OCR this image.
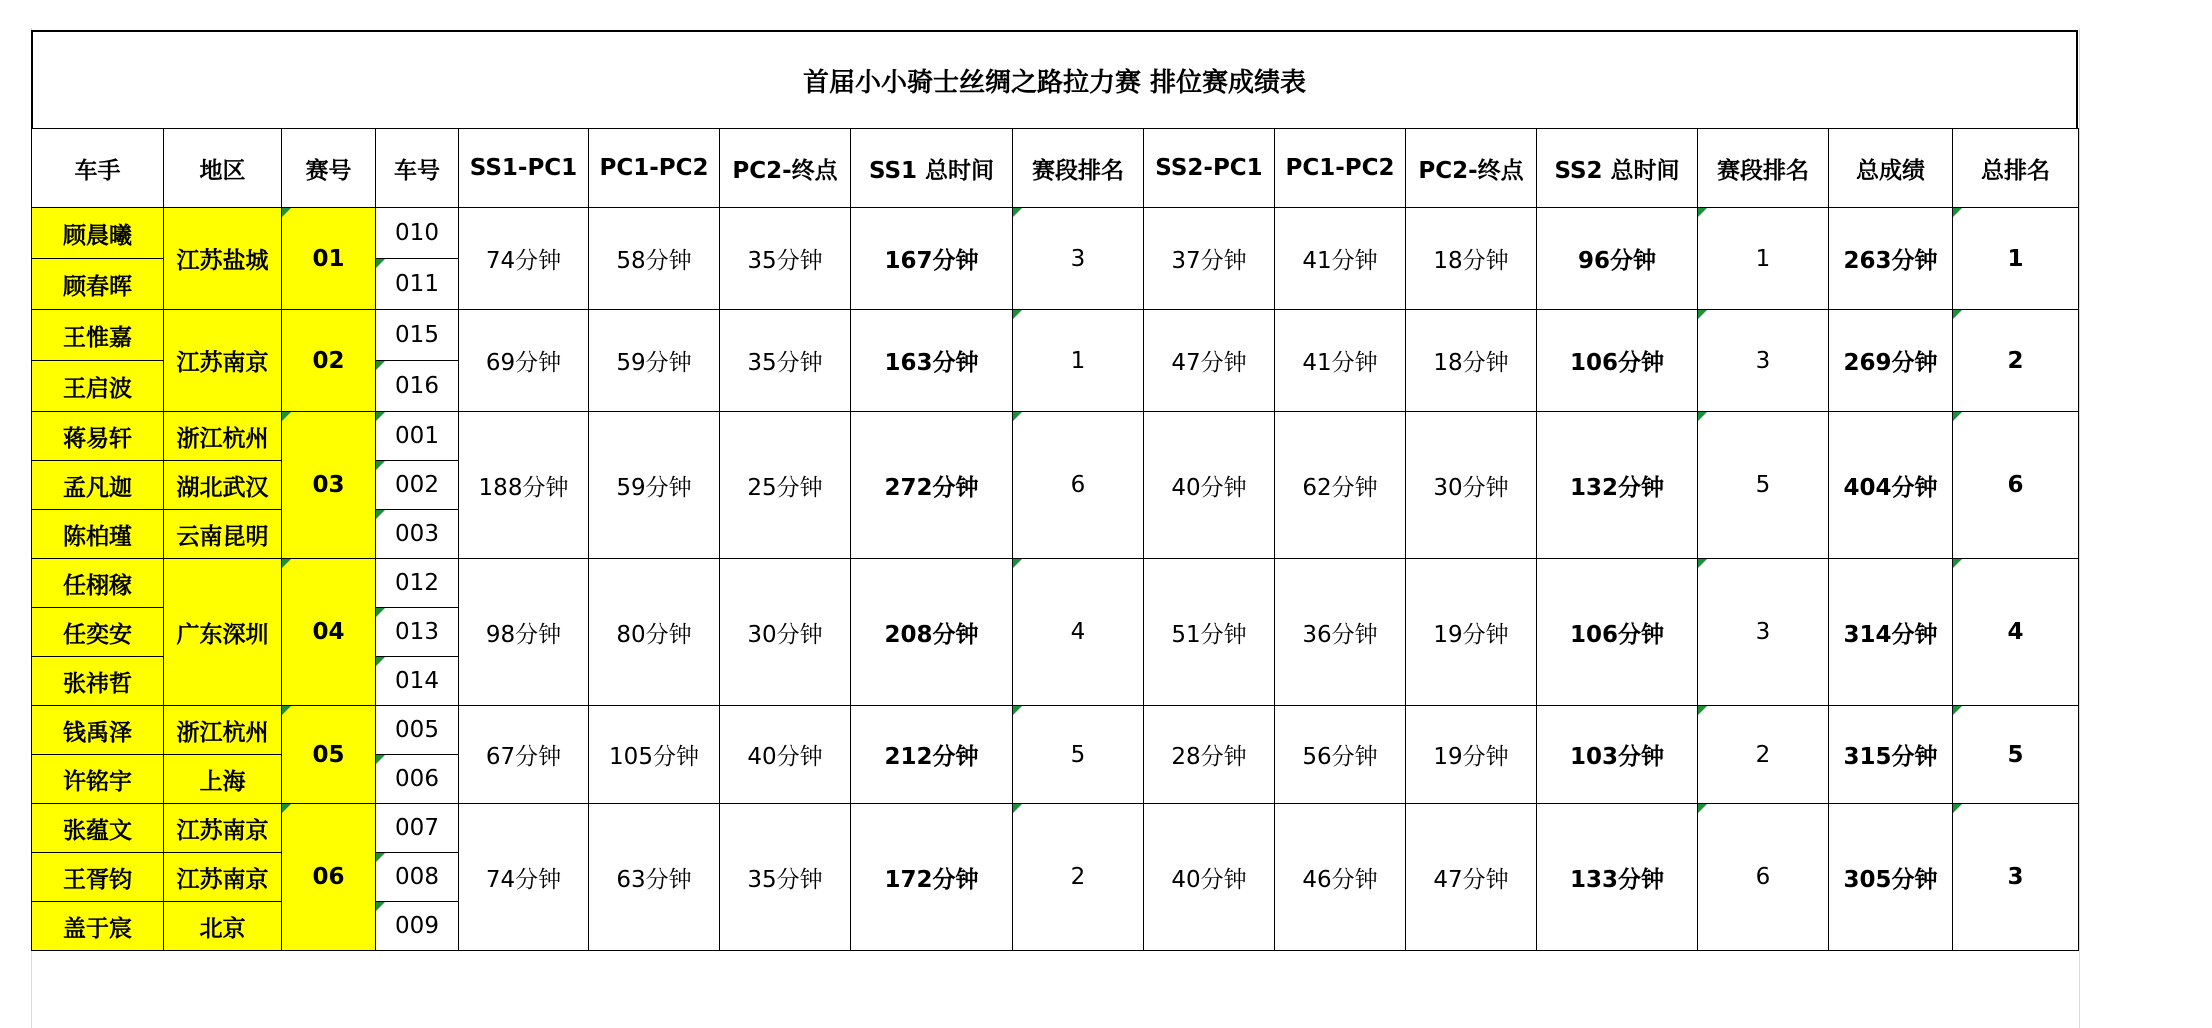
首届小小骑士丝绸之路拉力赛 排位赛成绩表
车手	地区	赛号	车号	SS1-PC1	PC1-PC2	PC2-终点	SS1 总时间	赛段排名	SS2-PC1	PC1-PC2	PC2-终点	SS2 总时间	赛段排名	总成绩	总排名
顾晨曦	江苏盐城	01	010	74分钟	58分钟	35分钟	167分钟	3	37分钟	41分钟	18分钟	96分钟	1	263分钟	1
顾春晖			011												
王惟嘉	江苏南京	02	015	69分钟	59分钟	35分钟	163分钟	1	47分钟	41分钟	18分钟	106分钟	3	269分钟	2
王启波			016												
蒋易轩	浙江杭州	03	001	188分钟	59分钟	25分钟	272分钟	6	40分钟	62分钟	30分钟	132分钟	5	404分钟	6
孟凡迦	湖北武汉		002												
陈柏瑾	云南昆明		003												
任栩稼	广东深圳	04	012	98分钟	80分钟	30分钟	208分钟	4	51分钟	36分钟	19分钟	106分钟	3	314分钟	4
任奕安			013												
张祎哲			014												
钱禹泽	浙江杭州	05	005	67分钟	105分钟	40分钟	212分钟	5	28分钟	56分钟	19分钟	103分钟	2	315分钟	5
许铭宇	上海		006												
张蕴文	江苏南京	06	007	74分钟	63分钟	35分钟	172分钟	2	40分钟	46分钟	47分钟	133分钟	6	305分钟	3
王胥钧	江苏南京		008												
盖于宸	北京		009												
